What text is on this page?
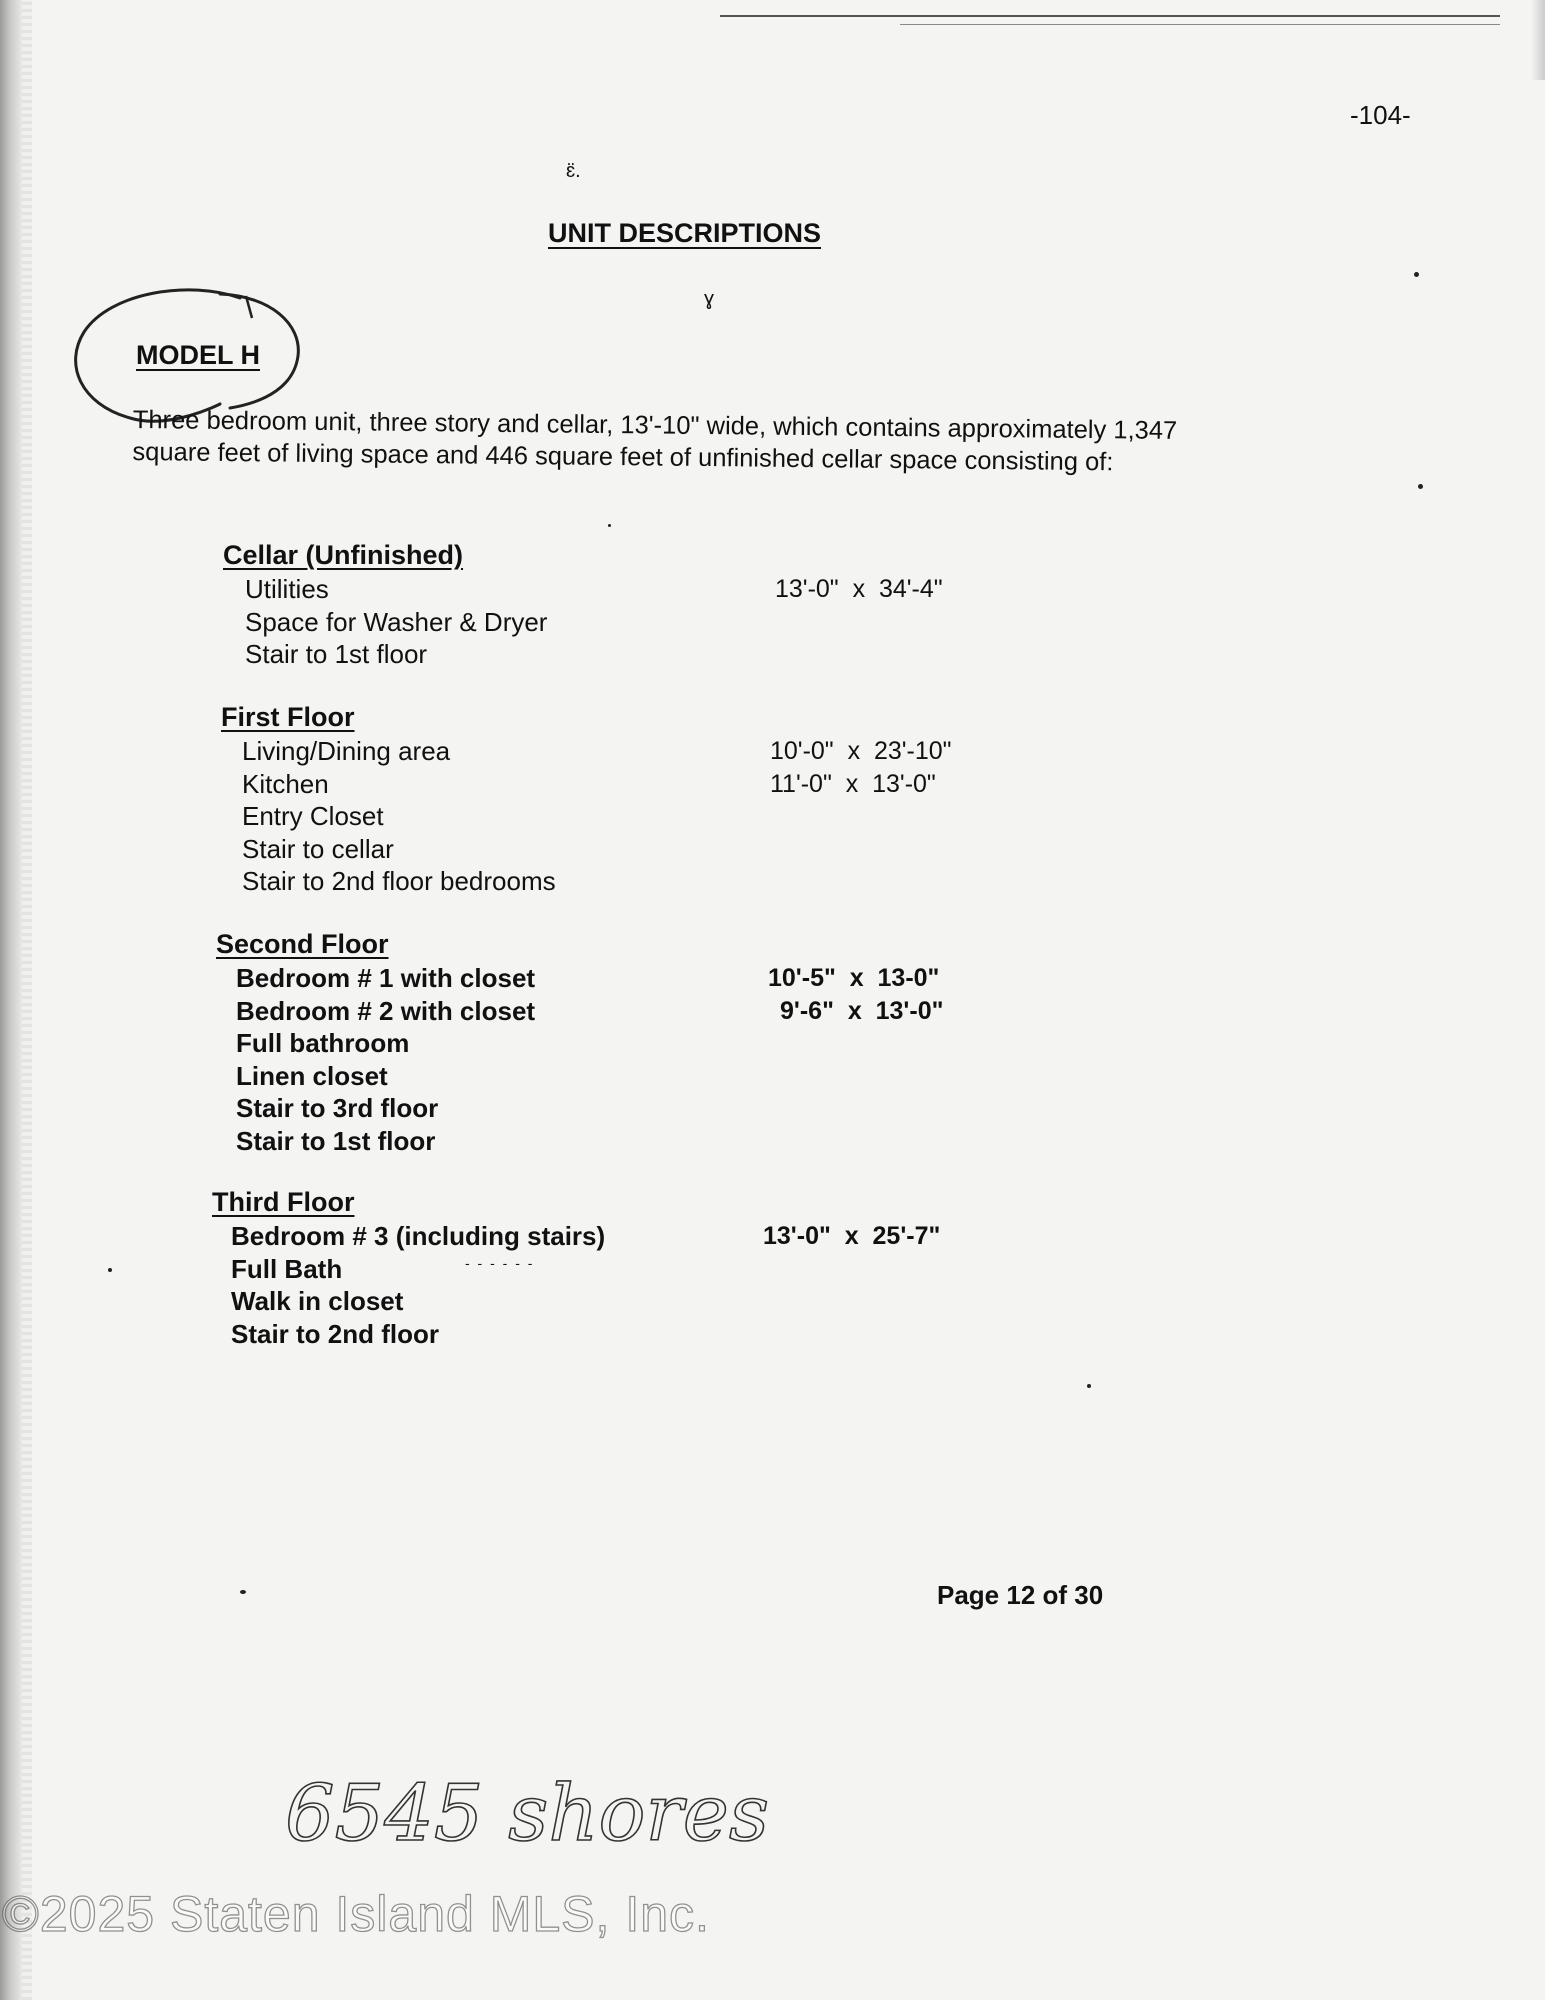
-104-
ɛ̈.
ɣ
UNIT DESCRIPTIONS
MODEL H
Three bedroom unit, three story and cellar, 13'-10" wide, which contains approximately 1,347 square feet of living space and 446 square feet of unfinished cellar space consisting of:
Cellar (Unfinished)
Utilities	13'-0"  x  34'-4"
Space for Washer & Dryer
Stair to 1st floor
First Floor
Living/Dining area	10'-0"  x  23'-10"
Kitchen	11'-0"  x  13'-0"
Entry Closet
Stair to cellar
Stair to 2nd floor bedrooms
Second Floor
Bedroom # 1 with closet	10'-5"  x  13-0"
Bedroom # 2 with closet	9'-6"  x  13'-0"
Full bathroom
Linen closet
Stair to 3rd floor
Stair to 1st floor
Third Floor
Bedroom # 3 (including stairs)	13'-0"  x  25'-7"
Full Bath
Walk in closet
Stair to 2nd floor
- - - - - -
Page 12 of 30
6545 shores
©2025 Staten Island MLS, Inc.
